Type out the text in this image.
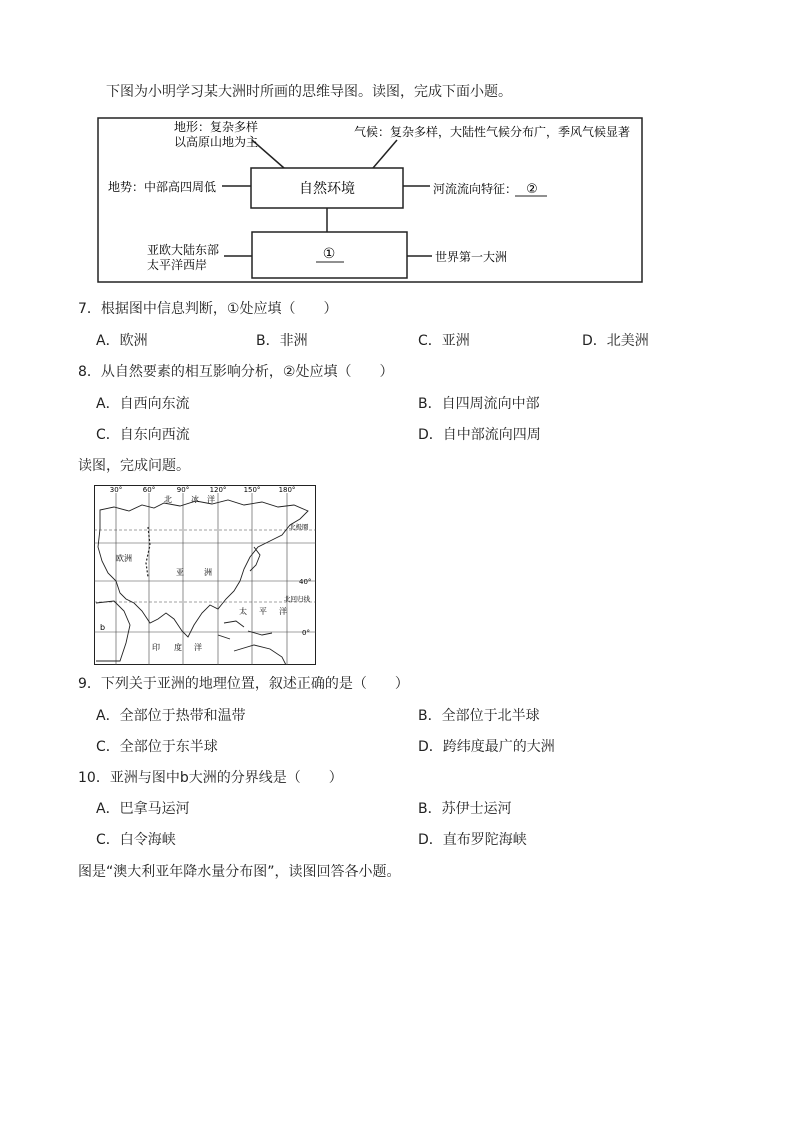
下图为小明学习某大洲时所画的思维导图。读图，完成下面小题。
自然环境
①
地形：复杂多样
以高原山地为主
气候：复杂多样，大陆性气候分布广，季风气候显著
地势：中部高四周低	河流流向特征： ②
亚欧大陆东部
太平洋西岸
世界第一大洲
7．根据图中信息判断，①处应填（　　）
A．欧洲	B．非洲	C．亚洲	D．北美洲
8．从自然要素的相互影响分析，②处应填（　　）
A．自西向东流	B．自四周流向中部
C．自东向西流	D．自中部流向四周
读图，完成问题。
30°	60°	90°	120° 150°	180°
40°
0°
北极圈
北回归线
北 冰 洋
太 平 洋
印 度 洋
欧洲
亚	洲
b
9．下列关于亚洲的地理位置，叙述正确的是（　　）
A．全部位于热带和温带	B．全部位于北半球
C．全部位于东半球	D．跨纬度最广的大洲
10．亚洲与图中b大洲的分界线是（　　）
A．巴拿马运河	B．苏伊士运河
C．白令海峡	D．直布罗陀海峡
图是“澳大利亚年降水量分布图”，读图回答各小题。
